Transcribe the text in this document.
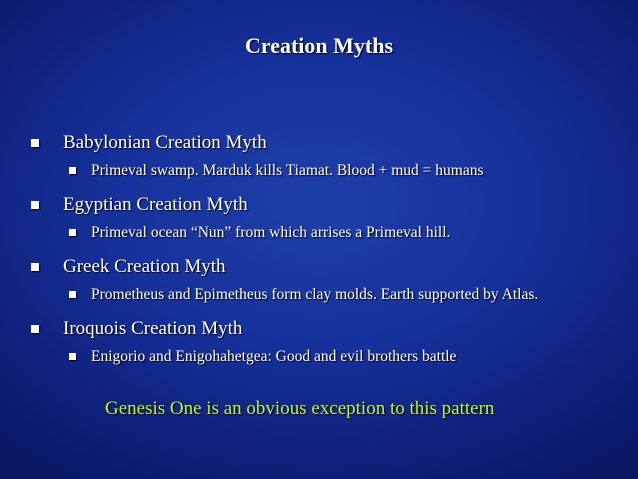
Creation Myths
Babylonian Creation Myth
Primeval swamp. Marduk kills Tiamat. Blood + mud = humans
Egyptian Creation Myth
Primeval ocean “Nun” from which arrises a Primeval hill.
Greek Creation Myth
Prometheus and Epimetheus form clay molds. Earth supported by Atlas.
Iroquois Creation Myth
Enigorio and Enigohahetgea: Good and evil brothers battle
Genesis One is an obvious exception to this pattern
